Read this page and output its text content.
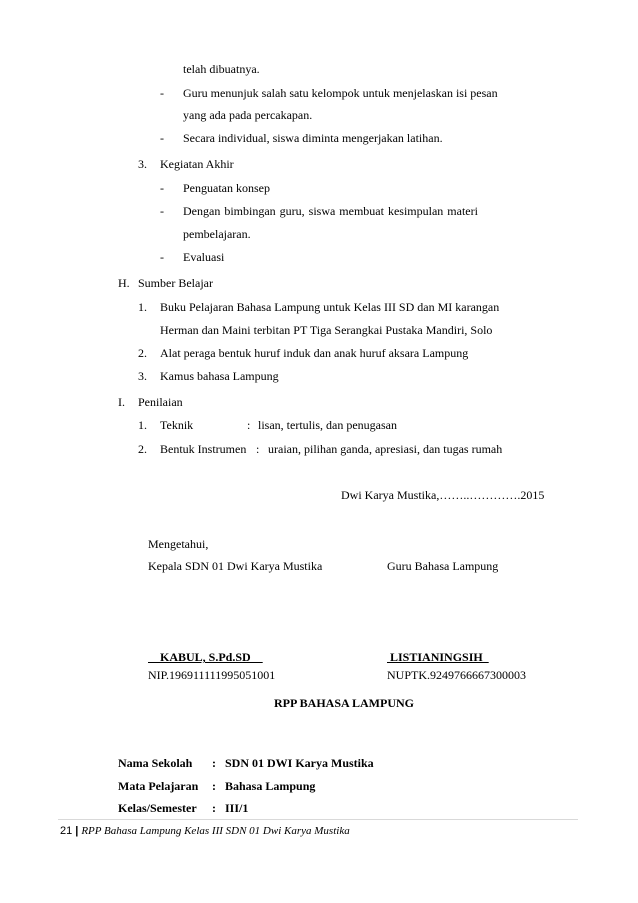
telah dibuatnya.
- Guru menunjuk salah satu kelompok untuk menjelaskan isi pesan
yang ada pada percakapan.
- Secara individual, siswa diminta mengerjakan latihan.
3. Kegiatan Akhir
- Penguatan konsep
- Dengan bimbingan guru, siswa membuat kesimpulan materi
pembelajaran.
- Evaluasi
H. Sumber Belajar
1. Buku Pelajaran Bahasa Lampung untuk Kelas III SD dan MI karangan
Herman dan Maini terbitan PT Tiga Serangkai Pustaka Mandiri, Solo
2. Alat peraga bentuk huruf induk dan anak huruf aksara Lampung
3. Kamus bahasa Lampung
I. Penilaian
1. Teknik	: lisan, tertulis, dan penugasan
2. Bentuk Instrumen : uraian, pilihan ganda, apresiasi, dan tugas rumah
Dwi Karya Mustika,……..………….2015
Mengetahui,
Kepala SDN 01 Dwi Karya Mustika	Guru Bahasa Lampung
KABUL, S.Pd.SD	LISTIANINGSIH
NIP.196911111995051001	NUPTK.9249766667300003
RPP BAHASA LAMPUNG
Nama Sekolah : SDN 01 DWI Karya Mustika
Mata Pelajaran : Bahasa Lampung
Kelas/Semester : III/1
21 | RPP Bahasa Lampung Kelas III SDN 01 Dwi Karya Mustika
